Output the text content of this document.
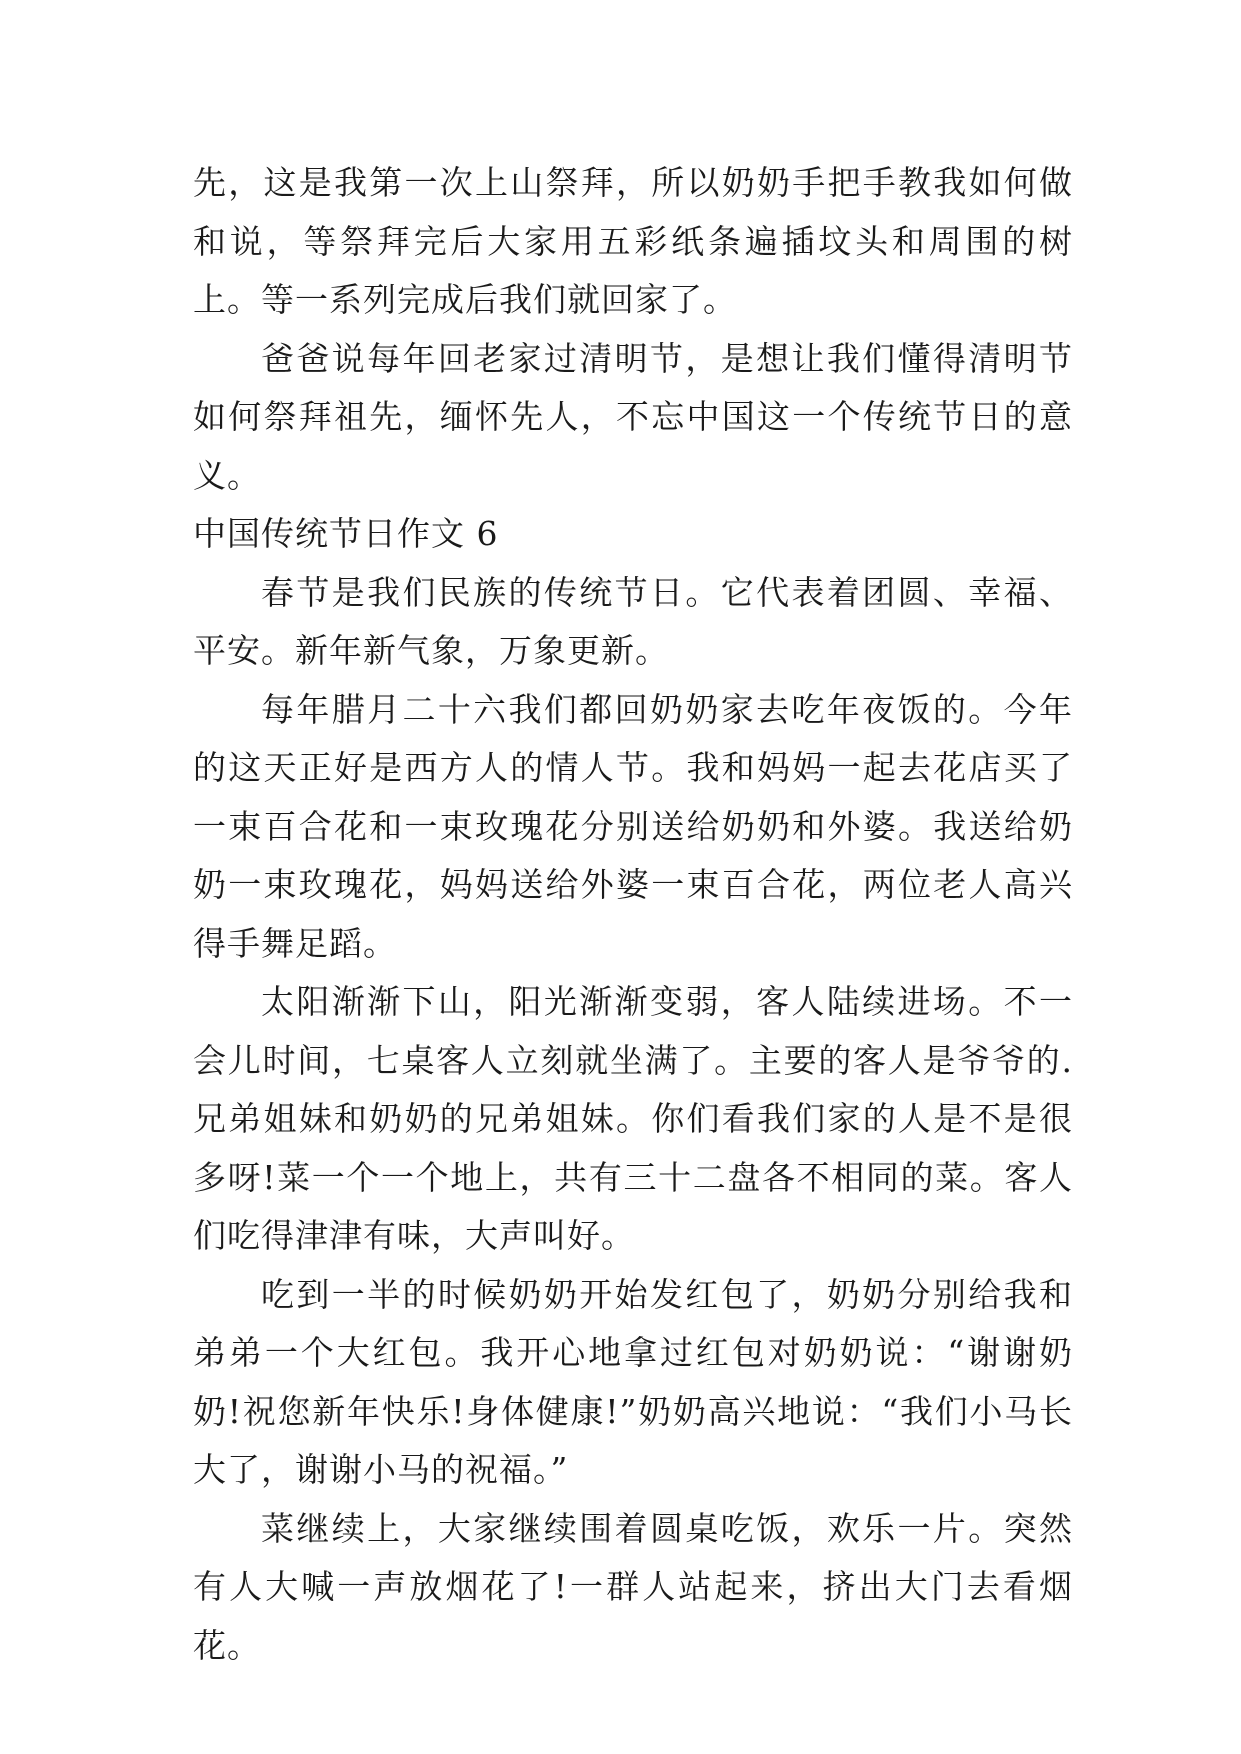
先，这是我第一次上山祭拜，所以奶奶手把手教我如何做和说，等祭拜完后大家用五彩纸条遍插坟头和周围的树上。等一系列完成后我们就回家了。

爸爸说每年回老家过清明节，是想让我们懂得清明节如何祭拜祖先，缅怀先人，不忘中国这一个传统节日的意义。

中国传统节日作文 6

春节是我们民族的传统节日。它代表着团圆、幸福、平安。新年新气象，万象更新。

每年腊月二十六我们都回奶奶家去吃年夜饭的。今年的这天正好是西方人的情人节。我和妈妈一起去花店买了一束百合花和一束玫瑰花分别送给奶奶和外婆。我送给奶奶一束玫瑰花，妈妈送给外婆一束百合花，两位老人高兴得手舞足蹈。

太阳渐渐下山，阳光渐渐变弱，客人陆续进场。不一会儿时间，七桌客人立刻就坐满了。主要的客人是爷爷的.兄弟姐妹和奶奶的兄弟姐妹。你们看我们家的人是不是很多呀!菜一个一个地上，共有三十二盘各不相同的菜。客人们吃得津津有味，大声叫好。

吃到一半的时候奶奶开始发红包了，奶奶分别给我和弟弟一个大红包。我开心地拿过红包对奶奶说：“谢谢奶奶!祝您新年快乐!身体健康!”奶奶高兴地说：“我们小马长大了，谢谢小马的祝福。”

菜继续上，大家继续围着圆桌吃饭，欢乐一片。突然有人大喊一声放烟花了!一群人站起来，挤出大门去看烟花。
